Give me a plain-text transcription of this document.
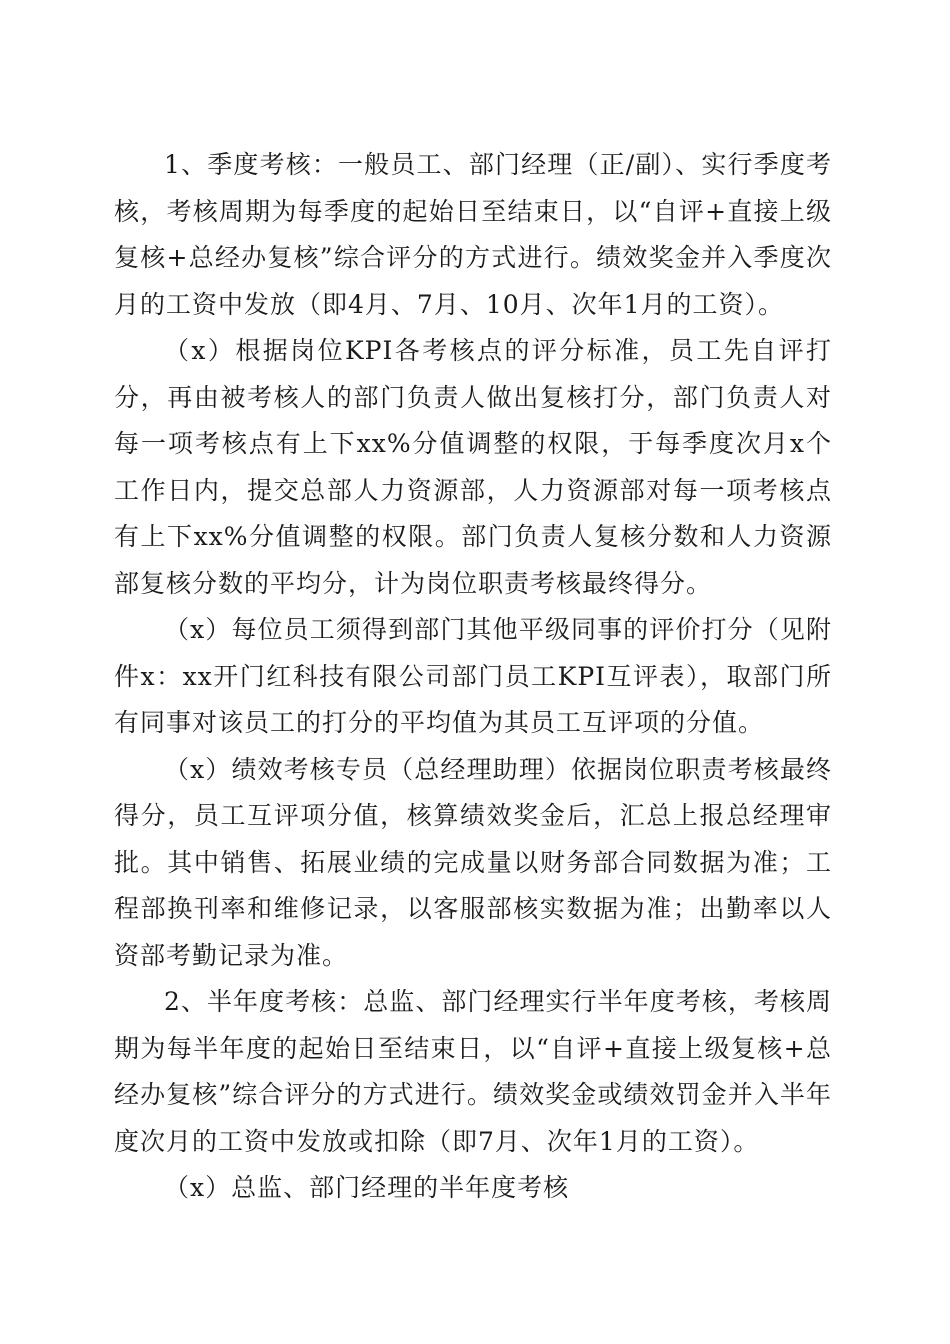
1、季度考核：一般员工、部门经理（正/副）、实行季度考核，考核周期为每季度的起始日至结束日，以“自评+直接上级复核+总经办复核”综合评分的方式进行。绩效奖金并入季度次月的工资中发放（即4月、7月、10月、次年1月的工资）。

（x）根据岗位KPI各考核点的评分标准，员工先自评打分，再由被考核人的部门负责人做出复核打分，部门负责人对每一项考核点有上下xx%分值调整的权限，于每季度次月x个工作日内，提交总部人力资源部，人力资源部对每一项考核点有上下xx%分值调整的权限。部门负责人复核分数和人力资源部复核分数的平均分，计为岗位职责考核最终得分。

（x）每位员工须得到部门其他平级同事的评价打分（见附件x：xx开门红科技有限公司部门员工KPI互评表），取部门所有同事对该员工的打分的平均值为其员工互评项的分值。

（x）绩效考核专员（总经理助理）依据岗位职责考核最终得分，员工互评项分值，核算绩效奖金后，汇总上报总经理审批。其中销售、拓展业绩的完成量以财务部合同数据为准；工程部换刊率和维修记录，以客服部核实数据为准；出勤率以人资部考勤记录为准。

2、半年度考核：总监、部门经理实行半年度考核，考核周期为每半年度的起始日至结束日，以“自评+直接上级复核+总经办复核”综合评分的方式进行。绩效奖金或绩效罚金并入半年度次月的工资中发放或扣除（即7月、次年1月的工资）。

（x）总监、部门经理的半年度考核
